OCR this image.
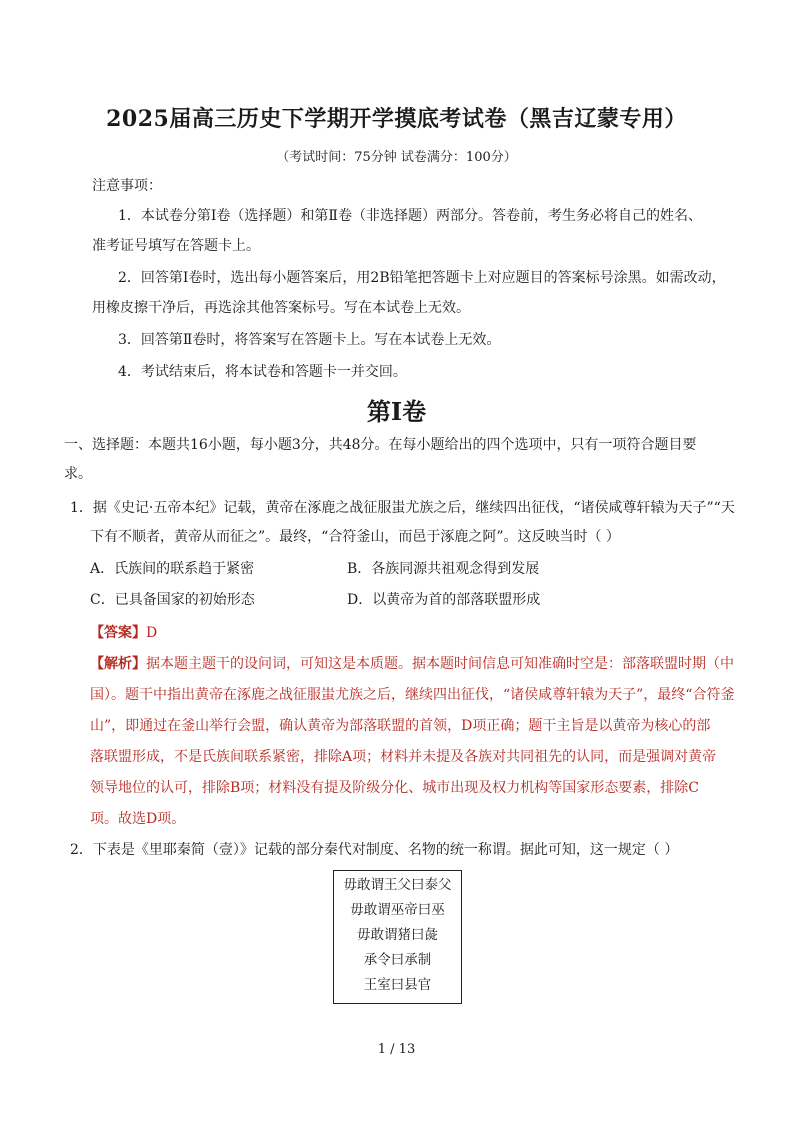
2025届高三历史下学期开学摸底考试卷（黑吉辽蒙专用）
（考试时间：75分钟 试卷满分：100分）
注意事项：
1．本试卷分第Ⅰ卷（选择题）和第Ⅱ卷（非选择题）两部分。答卷前，考生务必将自己的姓名、
准考证号填写在答题卡上。
2．回答第Ⅰ卷时，选出每小题答案后，用2B铅笔把答题卡上对应题目的答案标号涂黑。如需改动，
用橡皮擦干净后，再选涂其他答案标号。写在本试卷上无效。
3．回答第Ⅱ卷时，将答案写在答题卡上。写在本试卷上无效。
4．考试结束后，将本试卷和答题卡一并交回。
第Ⅰ卷
一、选择题：本题共16小题，每小题3分，共48分。在每小题给出的四个选项中，只有一项符合题目要
求。
1．据《史记·五帝本纪》记载，黄帝在涿鹿之战征服蚩尤族之后，继续四出征伐，“诸侯咸尊轩辕为天子”“天
下有不顺者，黄帝从而征之”。最终，“合符釜山，而邑于涿鹿之阿”。这反映当时（ ）
A．氏族间的联系趋于紧密	B．各族同源共祖观念得到发展
C．已具备国家的初始形态	D．以黄帝为首的部落联盟形成
【答案】D
【解析】据本题主题干的设问词，可知这是本质题。据本题时间信息可知准确时空是：部落联盟时期（中
国）。题干中指出黄帝在涿鹿之战征服蚩尤族之后，继续四出征伐，“诸侯咸尊轩辕为天子”，最终“合符釜
山”，即通过在釜山举行会盟，确认黄帝为部落联盟的首领，D项正确；题干主旨是以黄帝为核心的部
落联盟形成，不是氏族间联系紧密，排除A项；材料并未提及各族对共同祖先的认同，而是强调对黄帝
领导地位的认可，排除B项；材料没有提及阶级分化、城市出现及权力机构等国家形态要素，排除C
项。故选D项。
2．下表是《里耶秦简（壹）》记载的部分秦代对制度、名物的统一称谓。据此可知，这一规定（ ）
毋敢谓王父曰泰父
毋敢谓巫帝曰巫
毋敢谓猪曰彘
承令曰承制
王室曰县官
1 / 13
